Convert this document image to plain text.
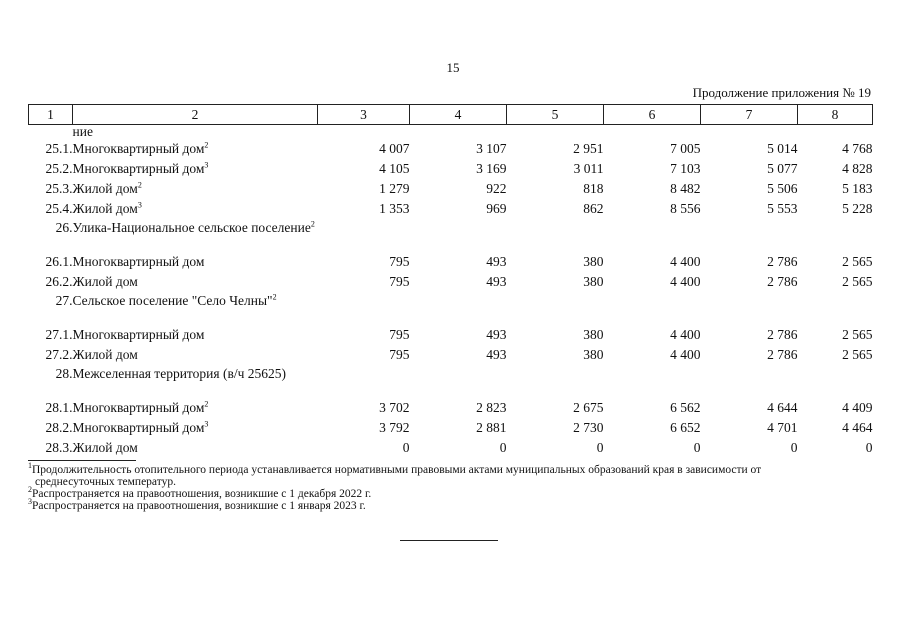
15
Продолжение приложения № 19
1	2	3	4	5	6	7	8
	ние						
25.1.	Многоквартирный дом$^2$	4 007	3 107	2 951	7 005	5 014	4 768
25.2.	Многоквартирный дом$^3$	4 105	3 169	3 011	7 103	5 077	4 828
25.3.	Жилой дом$^2$	1 279	922	818	8 482	5 506	5 183
25.4.	Жилой дом$^3$	1 353	969	862	8 556	5 553	5 228
26.	Улика-Национальное сельское поселение$^2$						
26.1.	Многоквартирный дом	795	493	380	4 400	2 786	2 565
26.2.	Жилой дом	795	493	380	4 400	2 786	2 565
27.	Сельское поселение "Село Челны"$^2$						
27.1.	Многоквартирный дом	795	493	380	4 400	2 786	2 565
27.2.	Жилой дом	795	493	380	4 400	2 786	2 565
28.	Межселенная территория (в/ч 25625)						
28.1.	Многоквартирный дом$^2$	3 702	2 823	2 675	6 562	4 644	4 409
28.2.	Многоквартирный дом$^3$	3 792	2 881	2 730	6 652	4 701	4 464
28.3.	Жилой дом	0	0	0	0	0	0
$^1$Продолжительность отопительного периода устанавливается нормативными правовыми актами муниципальных образований края в зависимости от
среднесуточных температур.
$^2$Распространяется на правоотношения, возникшие с 1 декабря 2022 г.
$^3$Распространяется на правоотношения, возникшие с 1 января 2023 г.
